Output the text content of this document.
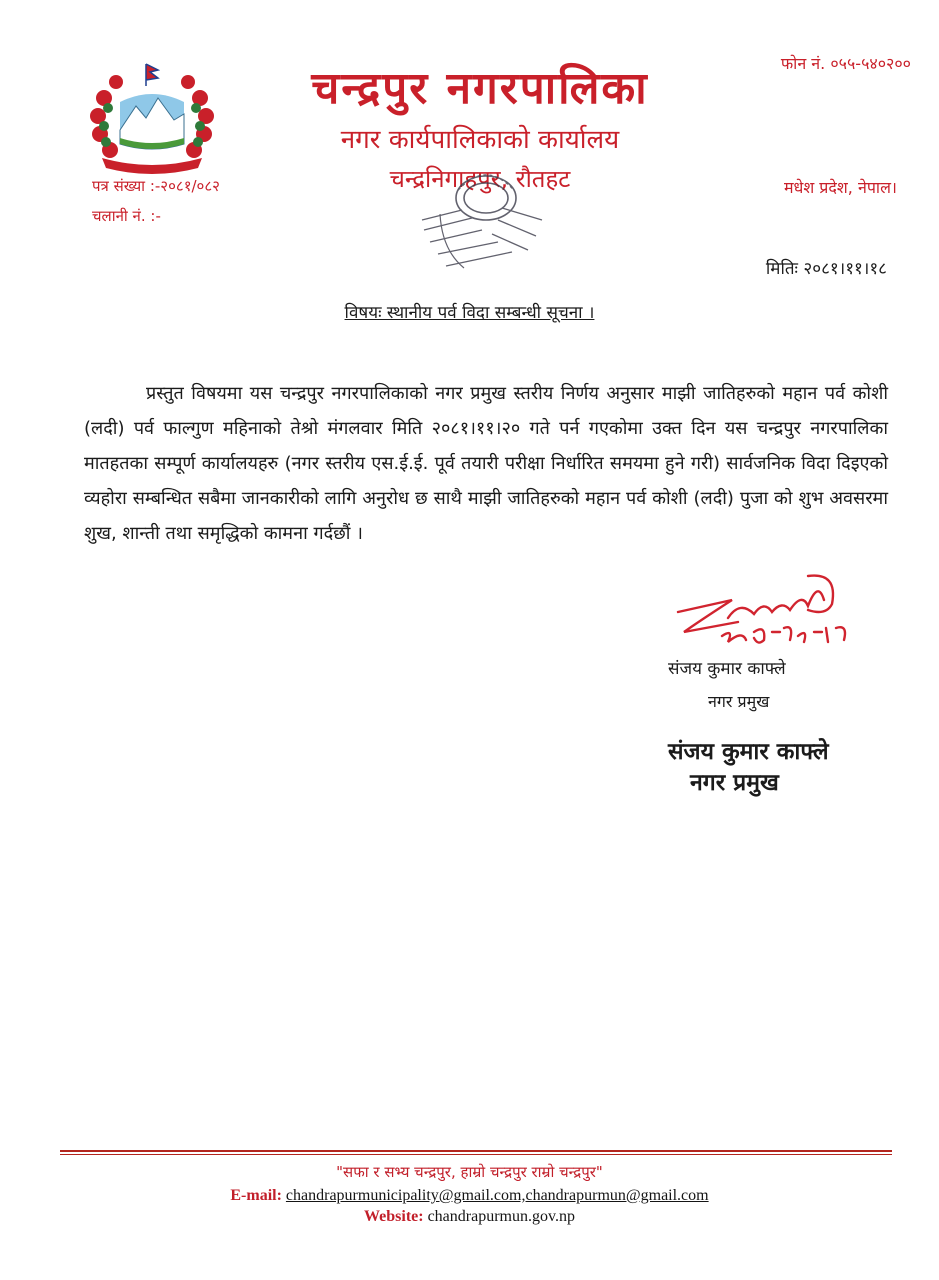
चन्द्रपुर नगरपालिका
नगर कार्यपालिकाको कार्यालय
चन्द्रनिगाहपुर, रौतहट
फोन नं. ०५५-५४०२००
मधेश प्रदेश, नेपाल।
पत्र संख्या :-२०८१/०८२
चलानी नं. :-
मितिः २०८१।११।१८
विषयः स्थानीय पर्व विदा सम्बन्धी सूचना ।
प्रस्तुत विषयमा यस चन्द्रपुर नगरपालिकाको नगर प्रमुख स्तरीय निर्णय अनुसार माझी जातिहरुको महान पर्व कोशी (लदी) पर्व फाल्गुण महिनाको तेश्रो मंगलवार मिति २०८१।११।२० गते पर्न गएकोमा उक्त दिन यस चन्द्रपुर नगरपालिका मातहतका सम्पूर्ण कार्यालयहरु (नगर स्तरीय एस.ई.ई. पूर्व तयारी परीक्षा निर्धारित समयमा हुने गरी) सार्वजनिक विदा दिइएको व्यहोरा सम्बन्धित सबैमा जानकारीको लागि अनुरोध छ साथै माझी जातिहरुको महान पर्व कोशी (लदी) पुजा को शुभ अवसरमा शुख, शान्ती तथा समृद्धिको कामना गर्दछौं ।
संजय कुमार काफ्ले
नगर प्रमुख
संजय कुमार काफ्ले
नगर प्रमुख
"सफा र सभ्य चन्द्रपुर, हाम्रो चन्द्रपुर राम्रो चन्द्रपुर"
E-mail: chandrapurmunicipality@gmail.com,chandrapurmun@gmail.com
Website: chandrapurmun.gov.np
